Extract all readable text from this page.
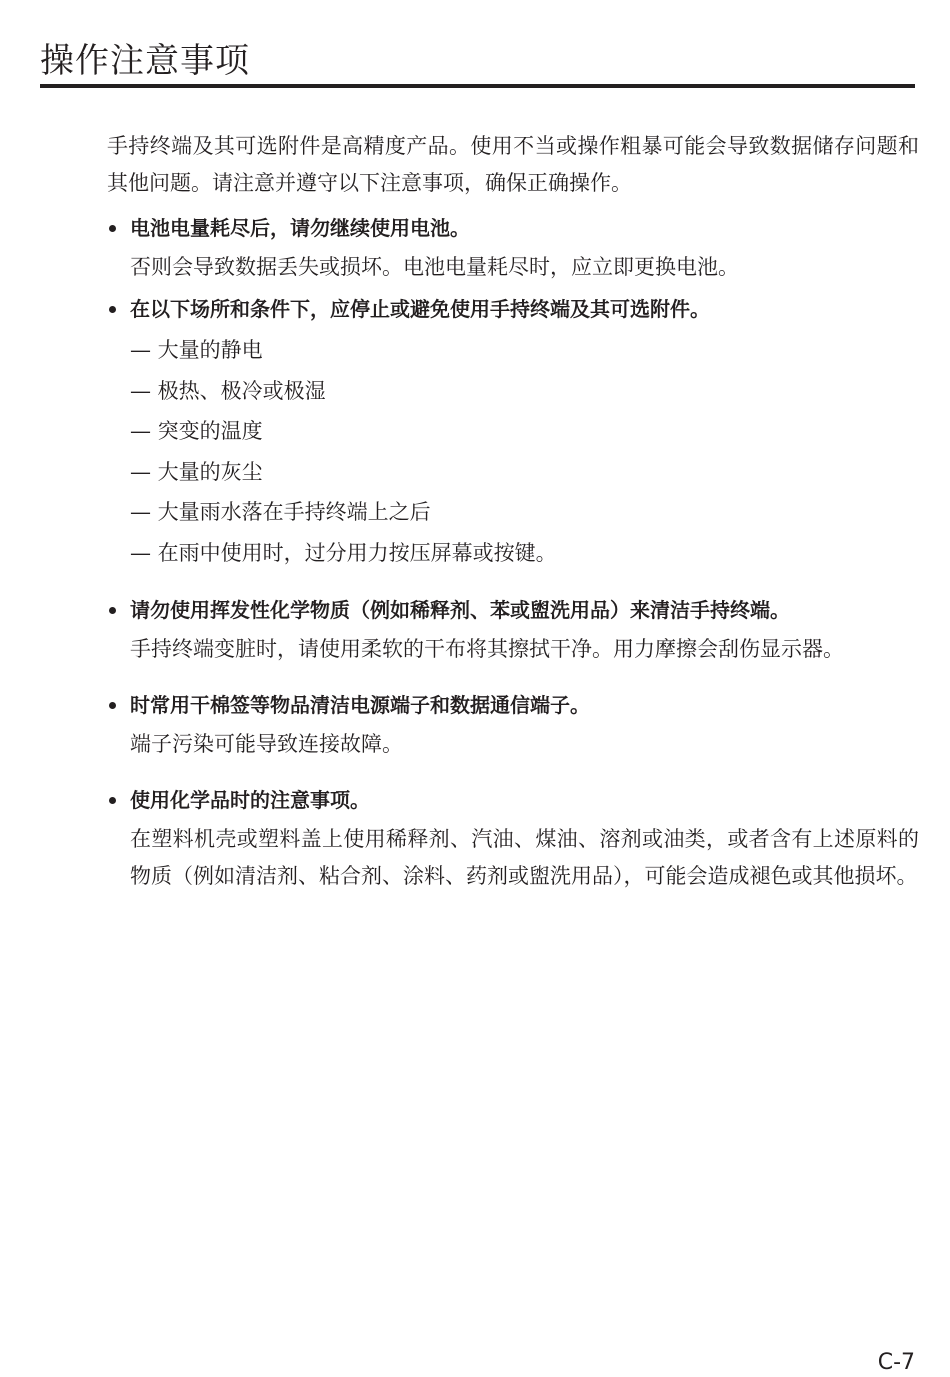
操作注意事项

手持终端及其可选附件是高精度产品。使用不当或操作粗暴可能会导致数据储存问题和其他问题。请注意并遵守以下注意事项，确保正确操作。

电池电量耗尽后，请勿继续使用电池。
否则会导致数据丢失或损坏。电池电量耗尽时，应立即更换电池。
在以下场所和条件下，应停止或避免使用手持终端及其可选附件。
— 大量的静电
— 极热、极冷或极湿
— 突变的温度
— 大量的灰尘
— 大量雨水落在手持终端上之后
— 在雨中使用时，过分用力按压屏幕或按键。
请勿使用挥发性化学物质（例如稀释剂、苯或盥洗用品）来清洁手持终端。
手持终端变脏时，请使用柔软的干布将其擦拭干净。用力摩擦会刮伤显示器。
时常用干棉签等物品清洁电源端子和数据通信端子。
端子污染可能导致连接故障。
使用化学品时的注意事项。
在塑料机壳或塑料盖上使用稀释剂、汽油、煤油、溶剂或油类，或者含有上述原料的物质（例如清洁剂、粘合剂、涂料、药剂或盥洗用品），可能会造成褪色或其他损坏。
C-7
